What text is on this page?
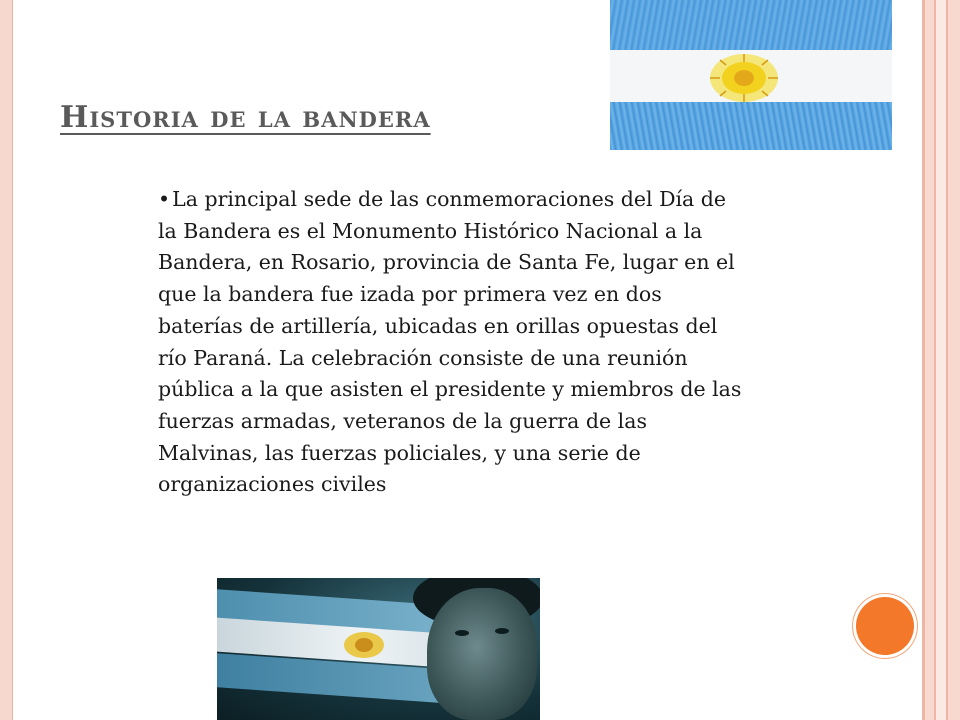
Historia de la bandera

•La principal sede de las conmemoraciones del Día de la Bandera es el Monumento Histórico Nacional a la Bandera, en Rosario, provincia de Santa Fe, lugar en el que la bandera fue izada por primera vez en dos baterías de artillería, ubicadas en orillas opuestas del río Paraná. La celebración consiste de una reunión pública a la que asisten el presidente y miembros de las fuerzas armadas, veteranos de la guerra de las Malvinas, las fuerzas policiales, y una serie de organizaciones civiles
